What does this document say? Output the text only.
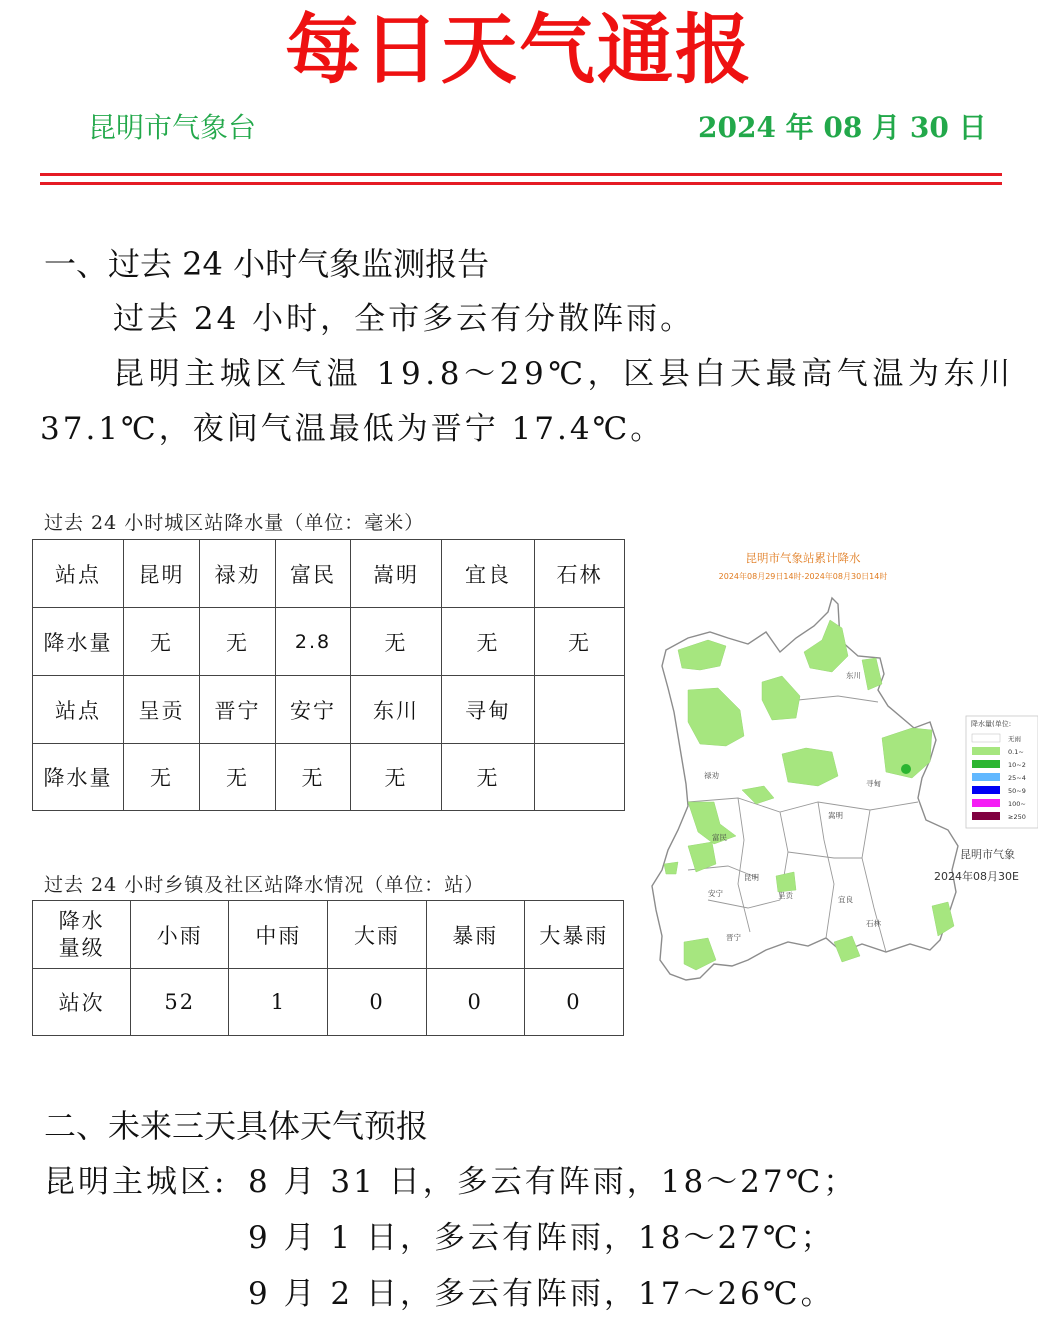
每日天气通报
昆明市气象台	2024 年 08 月 30 日
一、过去 24 小时气象监测报告
过去 24 小时，全市多云有分散阵雨。
昆明主城区气温 19.8～29℃，区县白天最高气温为东川
37.1℃，夜间气温最低为晋宁 17.4℃。
过去 24 小时城区站降水量（单位：毫米）
站点	昆明	禄劝	富民	嵩明	宜良	石林
降水量	无	无	2.8	无	无	无
站点	呈贡	晋宁	安宁	东川	寻甸	
降水量	无	无	无	无	无	
过去 24 小时乡镇及社区站降水情况（单位：站）
降水量级	小雨	中雨	大雨	暴雨	大暴雨
站次	52	1	0	0	0
昆明市气象站累计降水
2024年08月29日14时-2024年08月30日14时
东川
禄劝
寻甸
嵩明
富民
安宁
昆明
呈贡	宜良
晋宁
石林
降水量(单位:
无雨
0.1~
10~2
25~4
50~9
100~
≥250
昆明市气象
2024年08月30E
二、未来三天具体天气预报
昆明主城区: 8 月 31 日，多云有阵雨，18～27℃；
9 月 1 日，多云有阵雨，18～27℃；
9 月 2 日，多云有阵雨，17～26℃。
